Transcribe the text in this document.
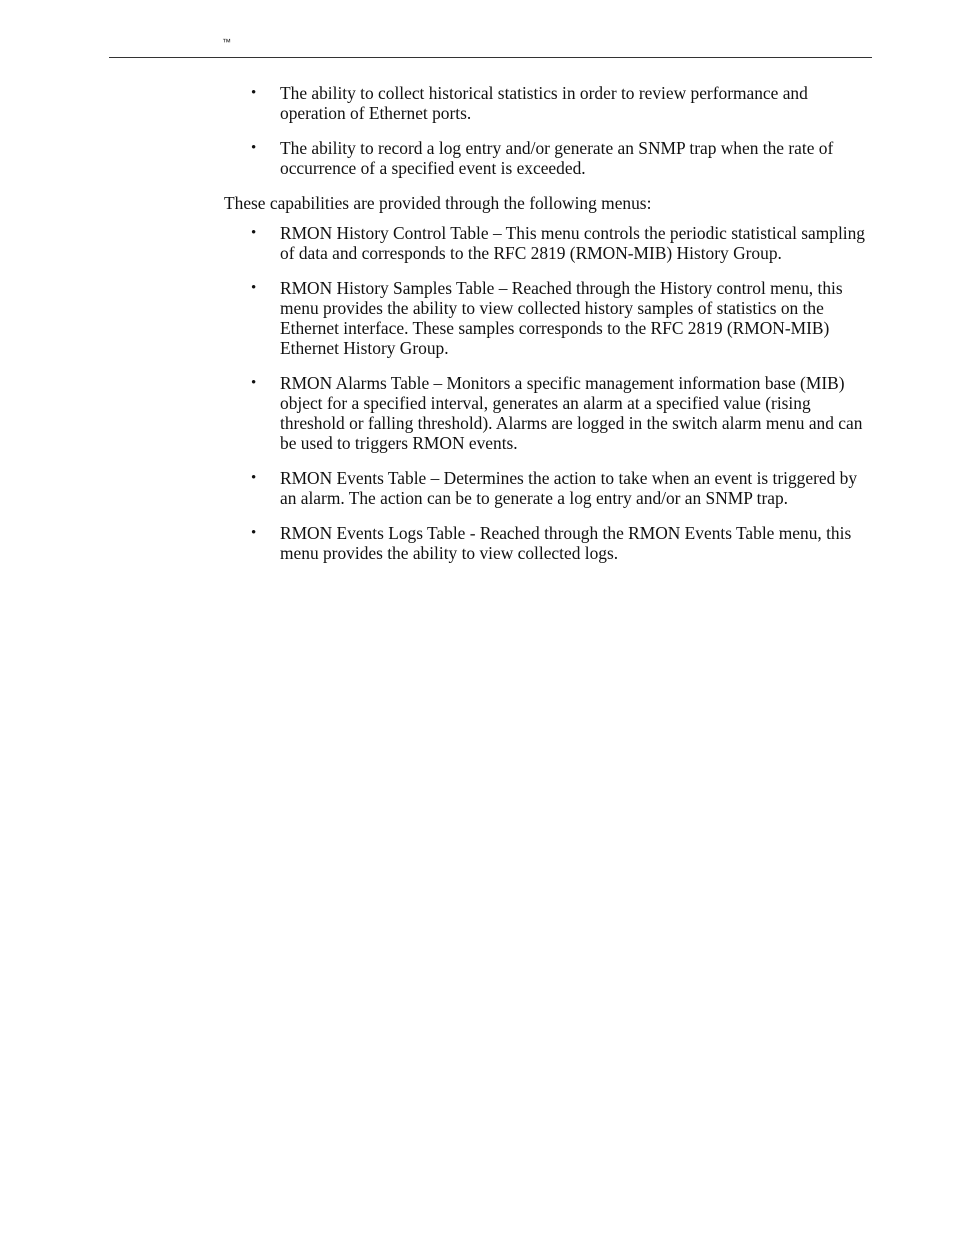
™
• The ability to collect historical statistics in order to review performance and operation of Ethernet ports.
• The ability to record a log entry and/or generate an SNMP trap when the rate of occurrence of a specified event is exceeded.

These capabilities are provided through the following menus:

• RMON History Control Table – This menu controls the periodic statistical sampling of data and corresponds to the RFC 2819 (RMON-MIB) History Group.
• RMON History Samples Table – Reached through the History control menu, this menu provides the ability to view collected history samples of statistics on the Ethernet interface. These samples corresponds to the RFC 2819 (RMON-MIB) Ethernet History Group.
• RMON Alarms Table – Monitors a specific management information base (MIB) object for a specified interval, generates an alarm at a specified value (rising threshold or falling threshold). Alarms are logged in the switch alarm menu and can be used to triggers RMON events.
• RMON Events Table – Determines the action to take when an event is triggered by an alarm. The action can be to generate a log entry and/or an SNMP trap.
• RMON Events Logs Table - Reached through the RMON Events Table menu, this menu provides the ability to view collected logs.
